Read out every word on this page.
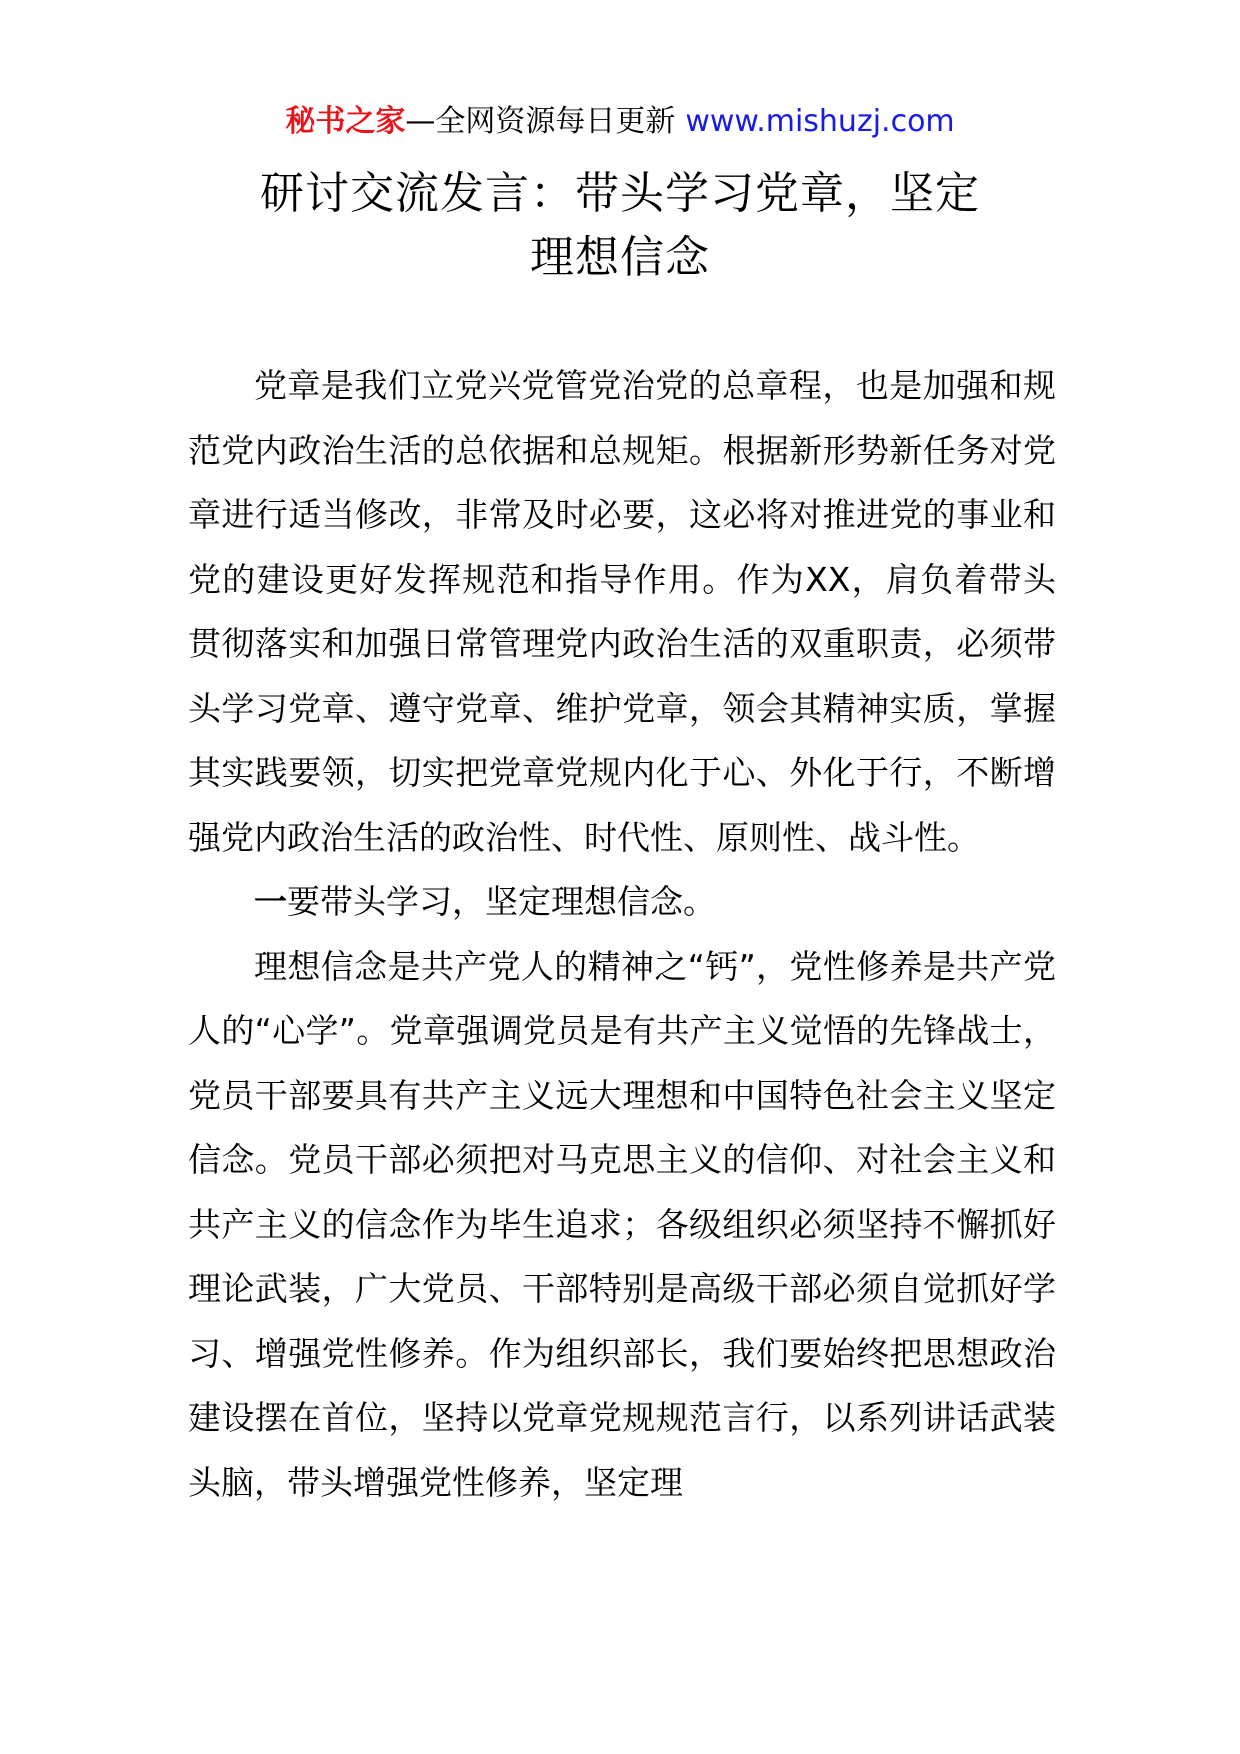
秘书之家—全网资源每日更新 www.mishuzj.com
研讨交流发言：带头学习党章，坚定
理想信念

党章是我们立党兴党管党治党的总章程，也是加强和规范党内政治生活的总依据和总规矩。根据新形势新任务对党章进行适当修改，非常及时必要，这必将对推进党的事业和党的建设更好发挥规范和指导作用。作为XX，肩负着带头贯彻落实和加强日常管理党内政治生活的双重职责，必须带头学习党章、遵守党章、维护党章，领会其精神实质，掌握其实践要领，切实把党章党规内化于心、外化于行，不断增强党内政治生活的政治性、时代性、原则性、战斗性。

一要带头学习，坚定理想信念。

理想信念是共产党人的精神之“钙”，党性修养是共产党人的“心学”。党章强调党员是有共产主义觉悟的先锋战士，党员干部要具有共产主义远大理想和中国特色社会主义坚定信念。党员干部必须把对马克思主义的信仰、对社会主义和共产主义的信念作为毕生追求；各级组织必须坚持不懈抓好理论武装，广大党员、干部特别是高级干部必须自觉抓好学习、增强党性修养。作为组织部长，我们要始终把思想政治建设摆在首位，坚持以党章党规规范言行，以系列讲话武装头脑，带头增强党性修养，坚定理
